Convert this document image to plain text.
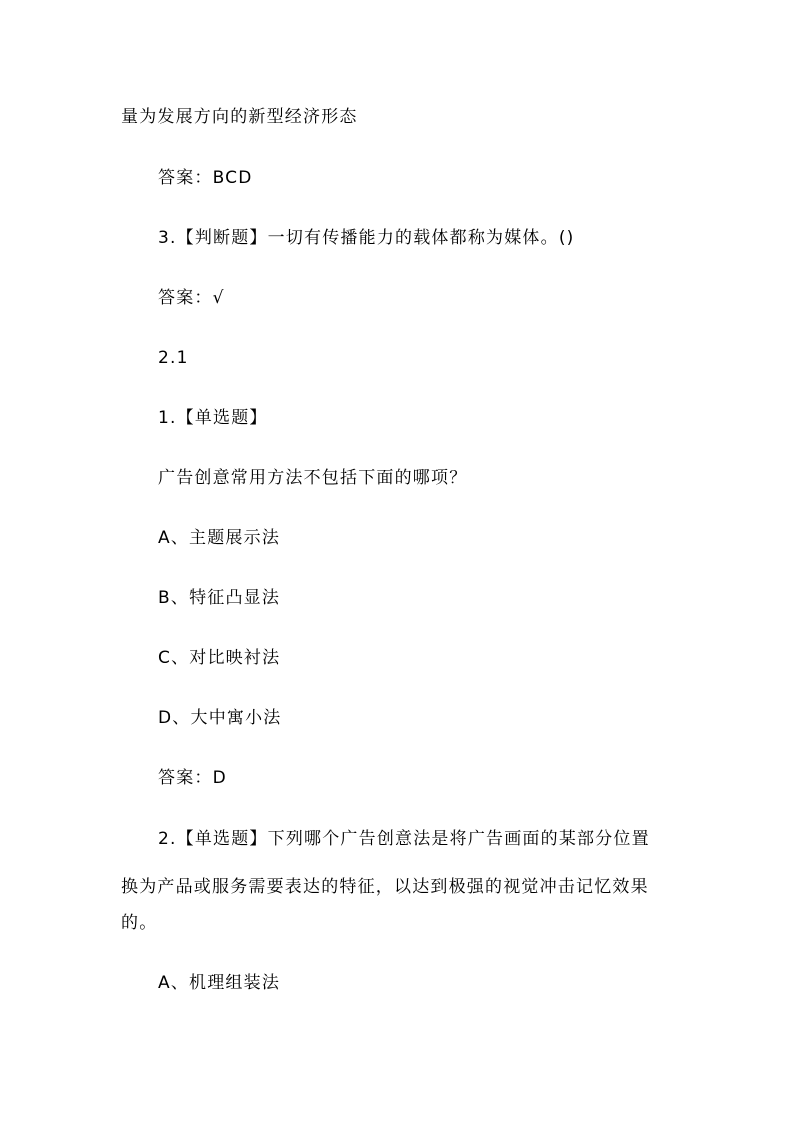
量为发展方向的新型经济形态
答案：BCD
3.【判断题】一切有传播能力的载体都称为媒体。()
答案：√
2.1
1.【单选题】
广告创意常用方法不包括下面的哪项？
A、主题展示法
B、特征凸显法
C、对比映衬法
D、大中寓小法
答案：D
2.【单选题】下列哪个广告创意法是将广告画面的某部分位置
换为产品或服务需要表达的特征，以达到极强的视觉冲击记忆效果
的。
A、机理组装法
